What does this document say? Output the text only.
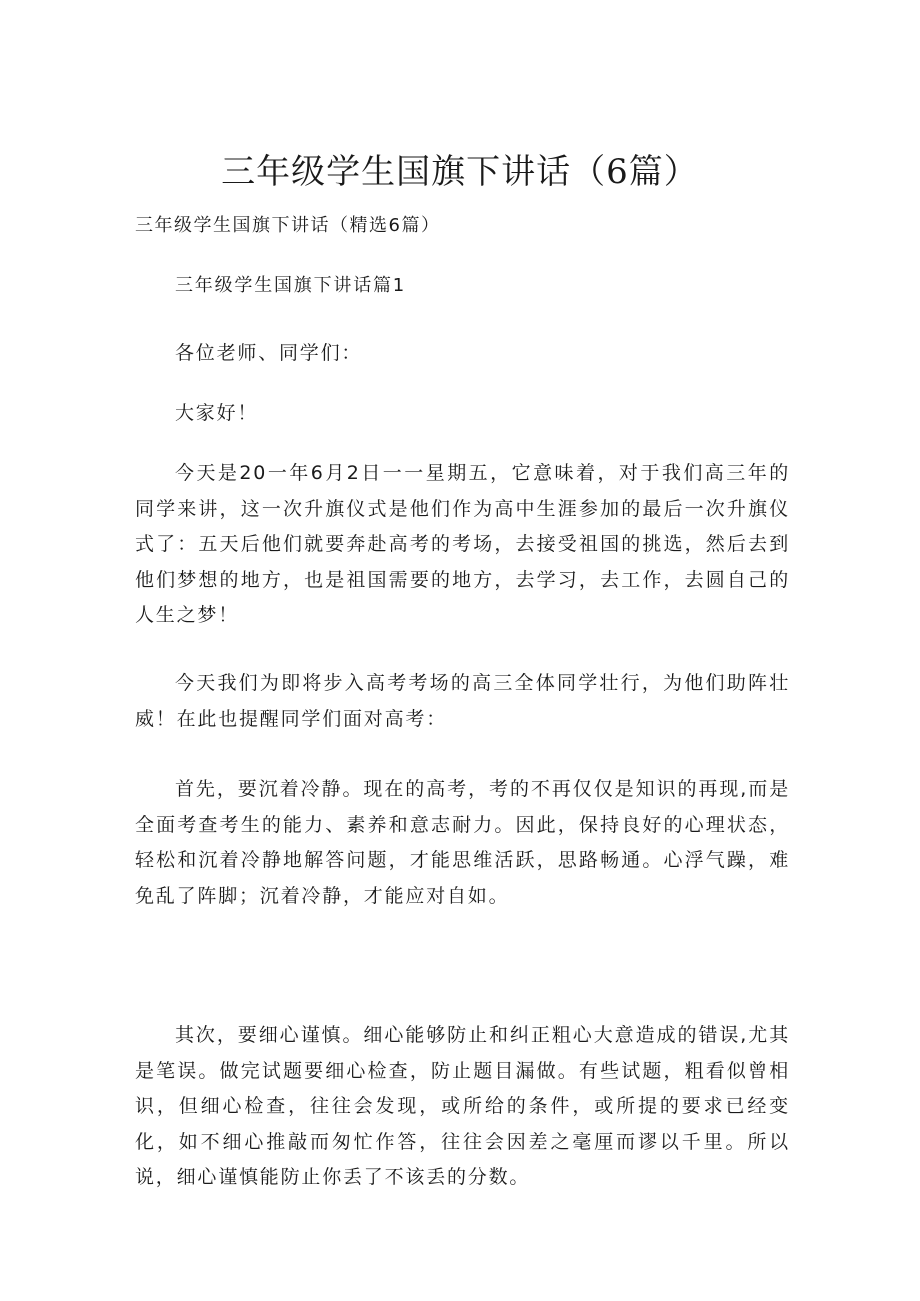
三年级学生国旗下讲话（6篇）

三年级学生国旗下讲话（精选6篇）

三年级学生国旗下讲话篇1

各位老师、同学们：

大家好！

今天是20一年6月2日一一星期五，它意味着，对于我们高三年的同学来讲，这一次升旗仪式是他们作为高中生涯参加的最后一次升旗仪式了：五天后他们就要奔赴高考的考场，去接受祖国的挑选，然后去到他们梦想的地方，也是祖国需要的地方，去学习，去工作，去圆自己的人生之梦！

今天我们为即将步入高考考场的高三全体同学壮行，为他们助阵壮威！在此也提醒同学们面对高考：

首先，要沉着冷静。现在的高考，考的不再仅仅是知识的再现,而是全面考查考生的能力、素养和意志耐力。因此，保持良好的心理状态，轻松和沉着冷静地解答问题，才能思维活跃，思路畅通。心浮气躁，难免乱了阵脚；沉着冷静，才能应对自如。

其次，要细心谨慎。细心能够防止和纠正粗心大意造成的错误,尤其是笔误。做完试题要细心检查，防止题目漏做。有些试题，粗看似曾相识，但细心检查，往往会发现，或所给的条件，或所提的要求已经变化，如不细心推敲而匆忙作答，往往会因差之毫厘而谬以千里。所以说，细心谨慎能防止你丢了不该丢的分数。
